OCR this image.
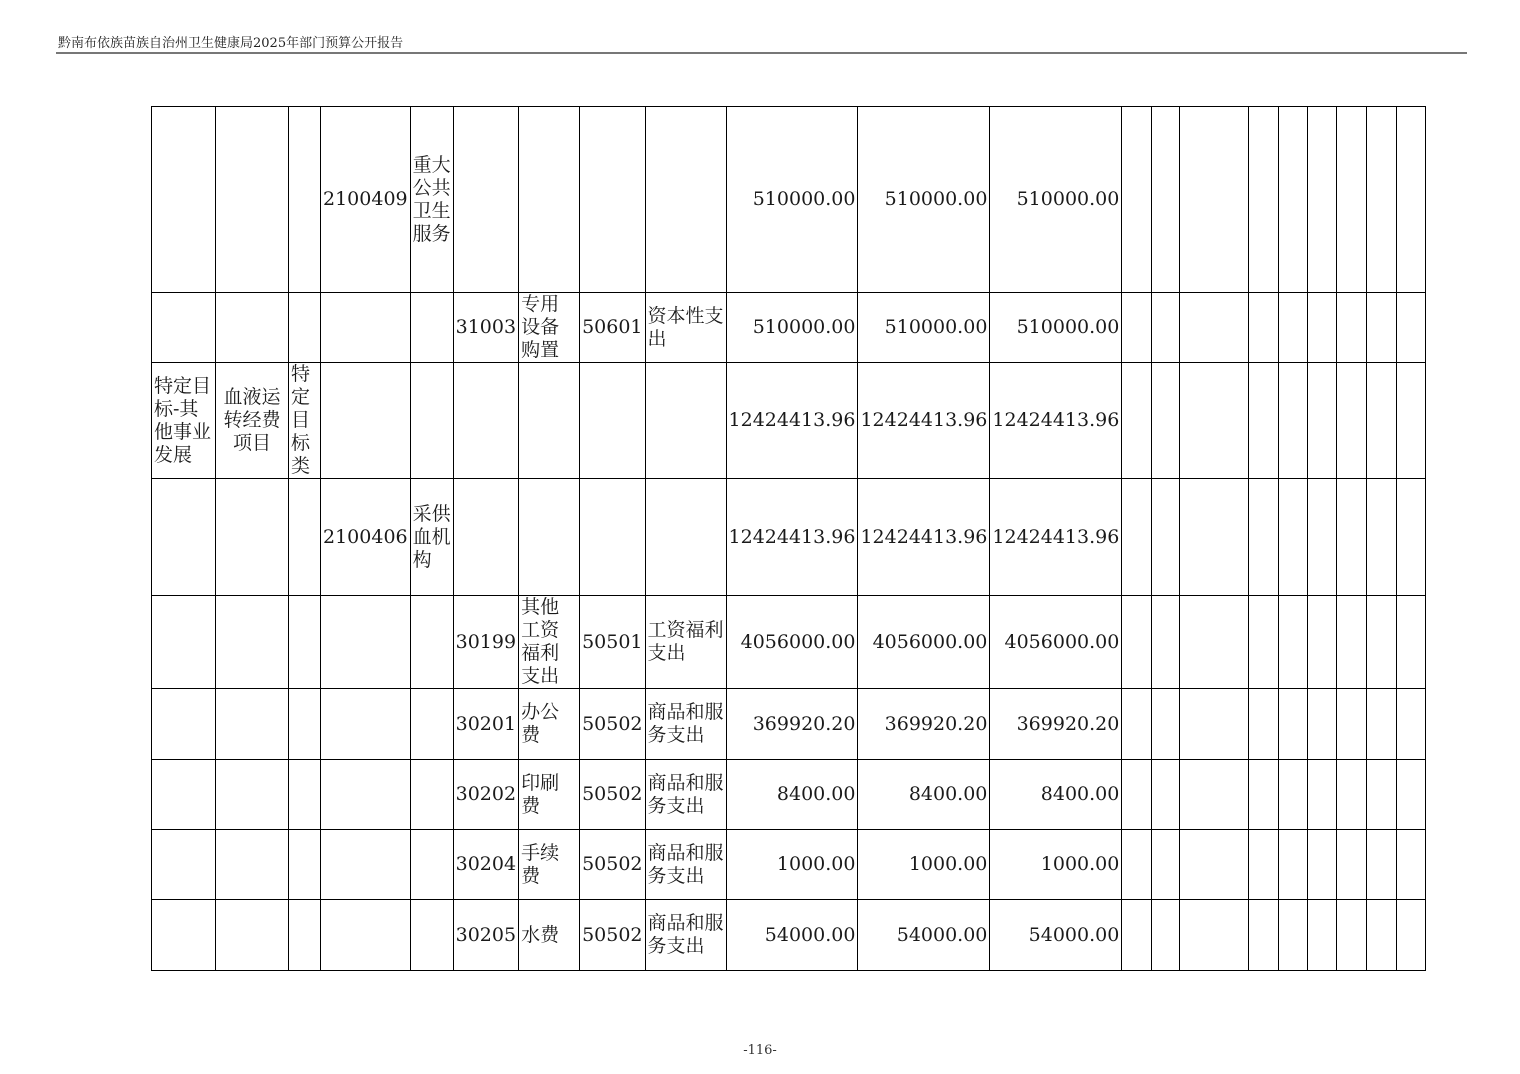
黔南布依族苗族自治州卫生健康局2025年部门预算公开报告
			2100409	重大公共卫生服务					510000.00	510000.00	510000.00									
					31003	专用设备购置	50601	资本性支出	510000.00	510000.00	510000.00									
特定目标-其他事业发展	血液运转经费项目	特定目标类							12424413.96	12424413.96	12424413.96									
			2100406	采供血机构					12424413.96	12424413.96	12424413.96									
					30199	其他工资福利支出	50501	工资福利支出	4056000.00	4056000.00	4056000.00									
					30201	办公费	50502	商品和服务支出	369920.20	369920.20	369920.20									
					30202	印刷费	50502	商品和服务支出	8400.00	8400.00	8400.00									
					30204	手续费	50502	商品和服务支出	1000.00	1000.00	1000.00									
					30205	水费	50502	商品和服务支出	54000.00	54000.00	54000.00									
-116-
